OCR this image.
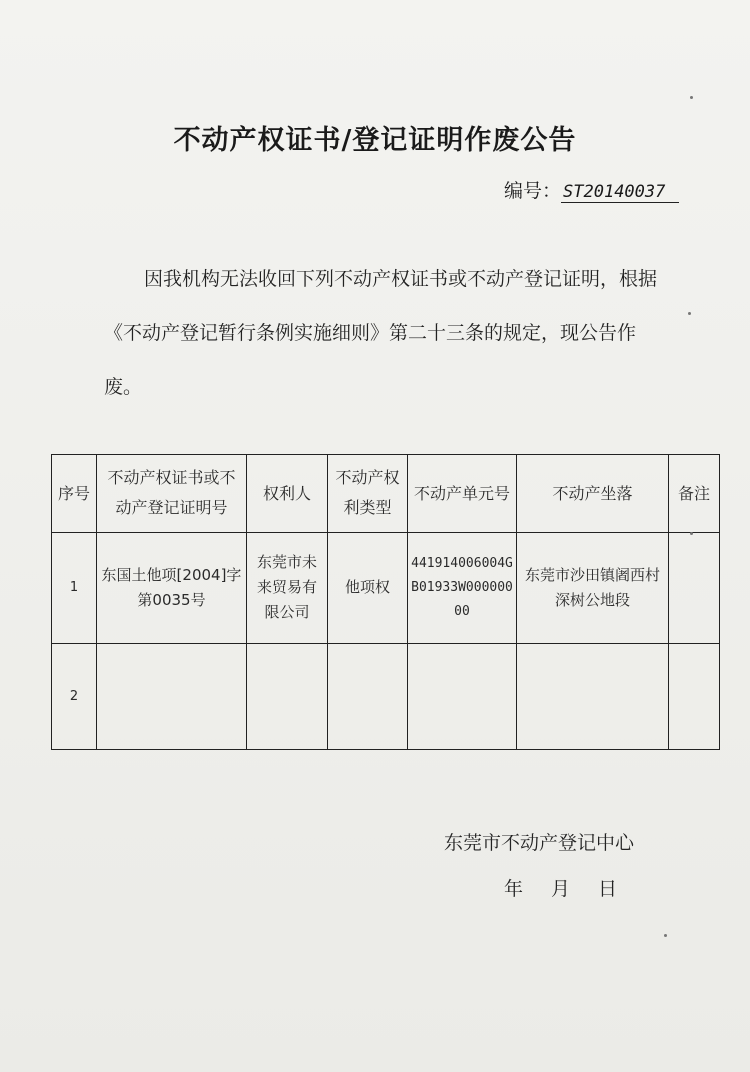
不动产权证书/登记证明作废公告
编号： ST20140037
因我机构无法收回下列不动产权证书或不动产登记证明，根据《不动产登记暂行条例实施细则》第二十三条的规定，现公告作废。
序号	不动产权证书或不动产登记证明号	权利人	不动产权利类型	不动产单元号	不动产坐落	备注
1	东国土他项[2004]字第0035号	东莞市未来贸易有限公司	他项权	441914006004GB01933W00000000	东莞市沙田镇阇西村深树公地段	
2						
东莞市不动产登记中心
年 月 日
